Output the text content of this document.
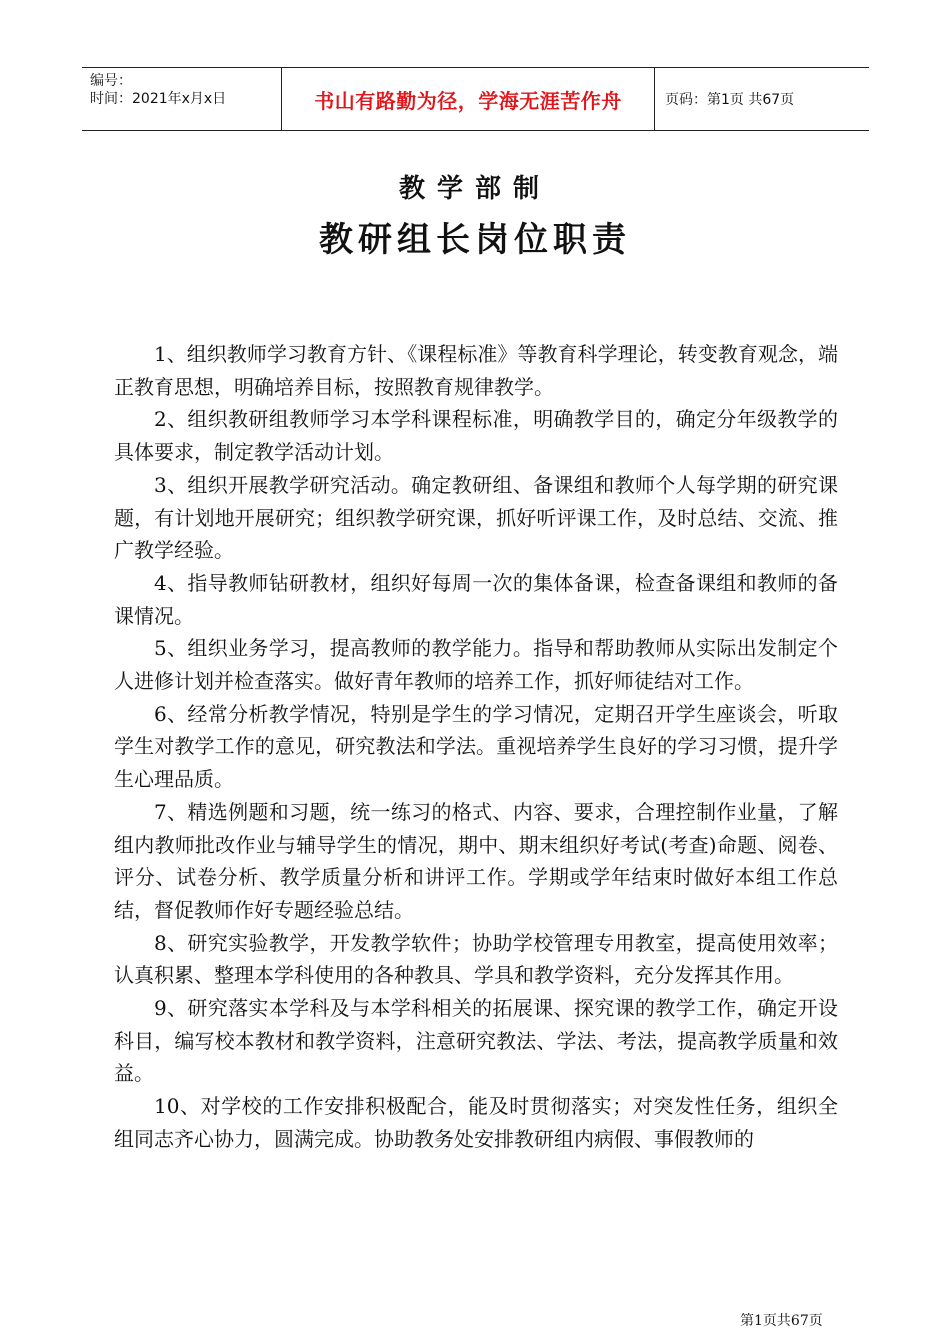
编号：
时间：2021年x月x日	书山有路勤为径，学海无涯苦作舟	页码：第1页 共67页
教学部制
教研组长岗位职责

1、组织教师学习教育方针、《课程标准》等教育科学理论，转变教育观念，端正教育思想，明确培养目标，按照教育规律教学。

2、组织教研组教师学习本学科课程标准，明确教学目的，确定分年级教学的具体要求，制定教学活动计划。

3、组织开展教学研究活动。确定教研组、备课组和教师个人每学期的研究课题，有计划地开展研究；组织教学研究课，抓好听评课工作，及时总结、交流、推广教学经验。

4、指导教师钻研教材，组织好每周一次的集体备课，检查备课组和教师的备课情况。

5、组织业务学习，提高教师的教学能力。指导和帮助教师从实际出发制定个人进修计划并检查落实。做好青年教师的培养工作，抓好师徒结对工作。

6、经常分析教学情况，特别是学生的学习情况，定期召开学生座谈会，听取学生对教学工作的意见，研究教法和学法。重视培养学生良好的学习习惯，提升学生心理品质。

7、精选例题和习题，统一练习的格式、内容、要求，合理控制作业量，了解组内教师批改作业与辅导学生的情况，期中、期末组织好考试(考查)命题、阅卷、评分、试卷分析、教学质量分析和讲评工作。学期或学年结束时做好本组工作总结，督促教师作好专题经验总结。

8、研究实验教学，开发教学软件；协助学校管理专用教室，提高使用效率；认真积累、整理本学科使用的各种教具、学具和教学资料，充分发挥其作用。

9、研究落实本学科及与本学科相关的拓展课、探究课的教学工作，确定开设科目，编写校本教材和教学资料，注意研究教法、学法、考法，提高教学质量和效益。

10、对学校的工作安排积极配合，能及时贯彻落实；对突发性任务，组织全组同志齐心协力，圆满完成。协助教务处安排教研组内病假、事假教师的

第1页共67页
